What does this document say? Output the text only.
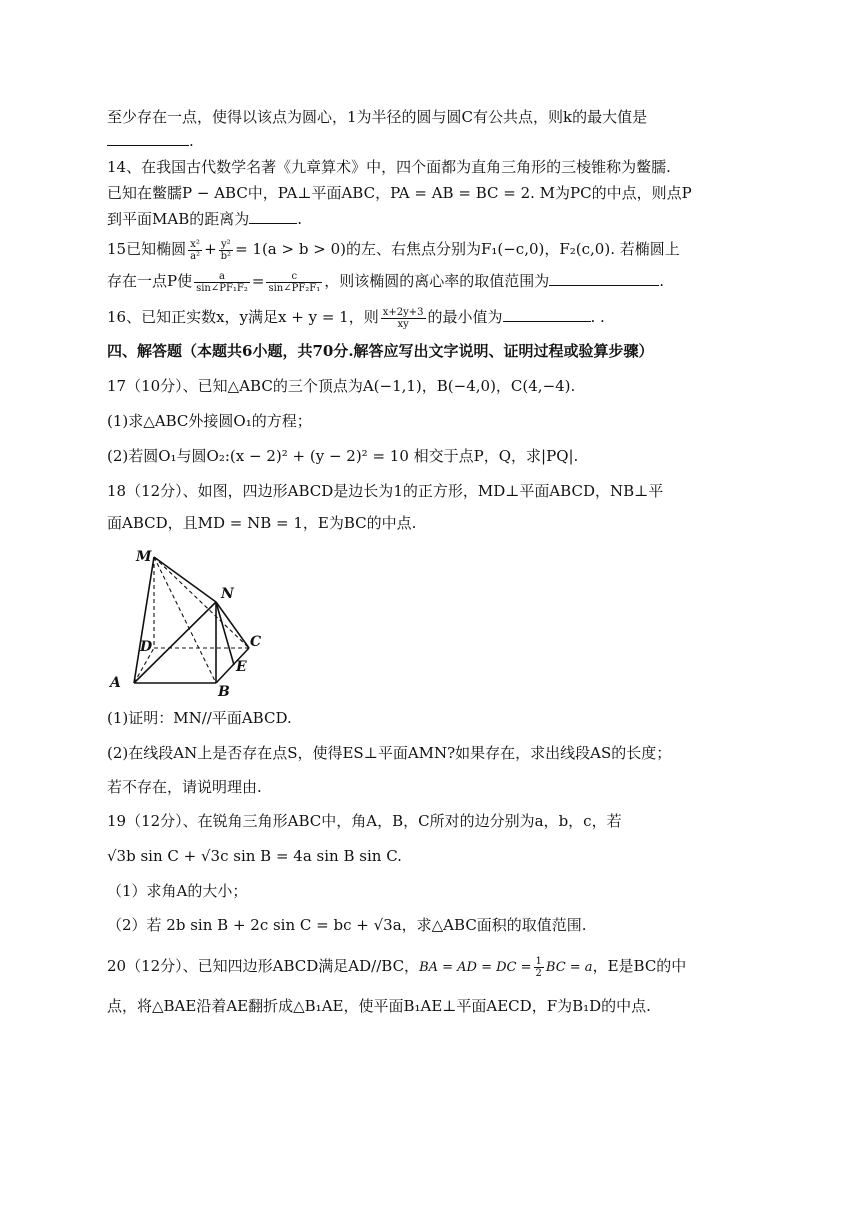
至少存在一点，使得以该点为圆心，1为半径的圆与圆C有公共点，则k的最大值是
.
14、在我国古代数学名著《九章算术》中，四个面都为直角三角形的三棱锥称为鳖臑.
已知在鳖臑P − ABC中，PA⊥平面ABC，PA = AB = BC = 2. M为PC的中点，则点P
到平面MAB的距离为	.
15已知椭圆 $\frac{\text{x²}}{\text{a²}} + \frac{\text{y²}}{\text{b²}} = 1(a > b > 0)$的左、右焦点分别为F₁(−c,0)，F₂(c,0). 若椭圆上
存在一点P使 $\frac{a}{\text{sin∠PF₁F₂}} = \frac{c}{\text{sin∠PF₂F₁}}$ ，则该椭圆的离心率的取值范围为	.
16、已知正实数x，y满足x + y = 1，则 $\frac{x+2y+3}{xy}$ 的最小值为	. .
四、解答题（本题共6小题，共70分.解答应写出文字说明、证明过程或验算步骤）
17（10分）、已知△ABC的三个顶点为A(−1,1)，B(−4,0)，C(4,−4).
(1)求△ABC外接圆O₁的方程；
(2)若圆O₁与圆O₂:(x − 2)² + (y − 2)² = 10 相交于点P，Q，求|PQ|.
18（12分）、如图，四边形ABCD是边长为1的正方形，MD⊥平面ABCD，NB⊥平
面ABCD，且MD = NB = 1，E为BC的中点.
M
N
D	C
E
A
B
(1)证明：MN//平面ABCD.
(2)在线段AN上是否存在点S，使得ES⊥平面AMN?如果存在，求出线段AS的长度；
若不存在，请说明理由.
19（12分）、在锐角三角形ABC中，角A，B，C所对的边分别为a，b，c，若
√3b sin C + √3c sin B = 4a sin B sin C.
（1）求角A的大小；
（2）若 2b sin B + 2c sin C = bc + √3a，求△ABC面积的取值范围.
20（12分）、已知四边形ABCD满足AD//BC，BA = AD = DC = $\frac{1}{2}$ BC = a，E是BC的中
点，将△BAE沿着AE翻折成△B₁AE，使平面B₁AE⊥平面AECD，F为B₁D的中点.
